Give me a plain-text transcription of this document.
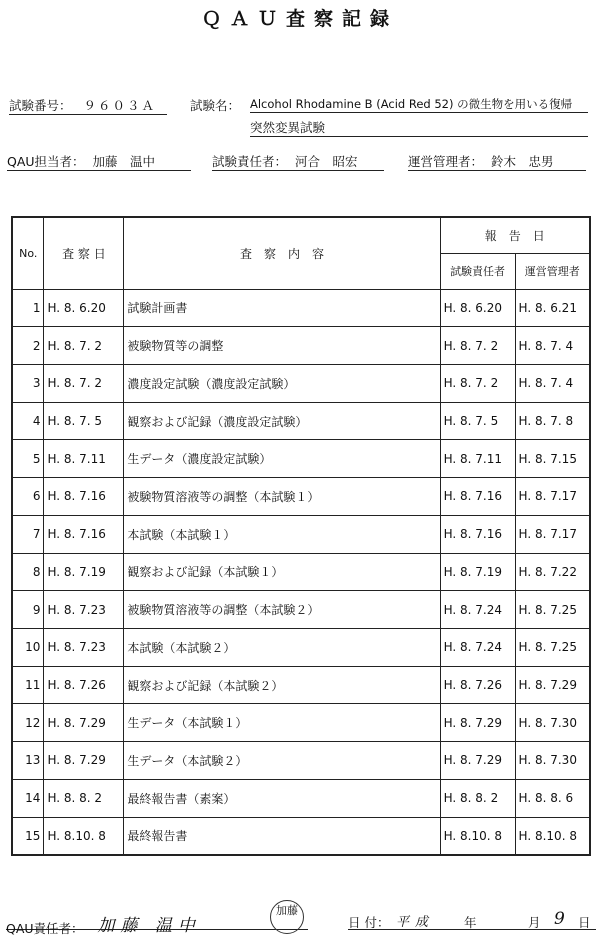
ＱＡＵ査察記録
試験番号： ９６０３Ａ	試験名： Alcohol Rhodamine B (Acid Red 52) の微生物を用いる復帰
突然変異試験
QAU担当者： 加藤　温中	試験責任者： 河合　昭宏	運営管理者： 鈴木　忠男
No.	査 察 日	査　察　内　容	報　告　日	
			試験責任者	運営管理者
1	H. 8. 6.20	試験計画書	H. 8. 6.20	H. 8. 6.21
2	H. 8. 7. 2	被験物質等の調整	H. 8. 7. 2	H. 8. 7. 4
3	H. 8. 7. 2	濃度設定試験（濃度設定試験）	H. 8. 7. 2	H. 8. 7. 4
4	H. 8. 7. 5	観察および記録（濃度設定試験）	H. 8. 7. 5	H. 8. 7. 8
5	H. 8. 7.11	生データ（濃度設定試験）	H. 8. 7.11	H. 8. 7.15
6	H. 8. 7.16	被験物質溶液等の調整（本試験１）	H. 8. 7.16	H. 8. 7.17
7	H. 8. 7.16	本試験（本試験１）	H. 8. 7.16	H. 8. 7.17
8	H. 8. 7.19	観察および記録（本試験１）	H. 8. 7.19	H. 8. 7.22
9	H. 8. 7.23	被験物質溶液等の調整（本試験２）	H. 8. 7.24	H. 8. 7.25
10	H. 8. 7.23	本試験（本試験２）	H. 8. 7.24	H. 8. 7.25
11	H. 8. 7.26	観察および記録（本試験２）	H. 8. 7.26	H. 8. 7.29
12	H. 8. 7.29	生データ（本試験１）	H. 8. 7.29	H. 8. 7.30
13	H. 8. 7.29	生データ（本試験２）	H. 8. 7.29	H. 8. 7.30
14	H. 8. 8. 2	最終報告書（素案）	H. 8. 8. 2	H. 8. 8. 6
15	H. 8.10. 8	最終報告書	H. 8.10. 8	H. 8.10. 8
QAU責任者： 加藤 温中
加藤
日 付： 平成 年	月 9 日
